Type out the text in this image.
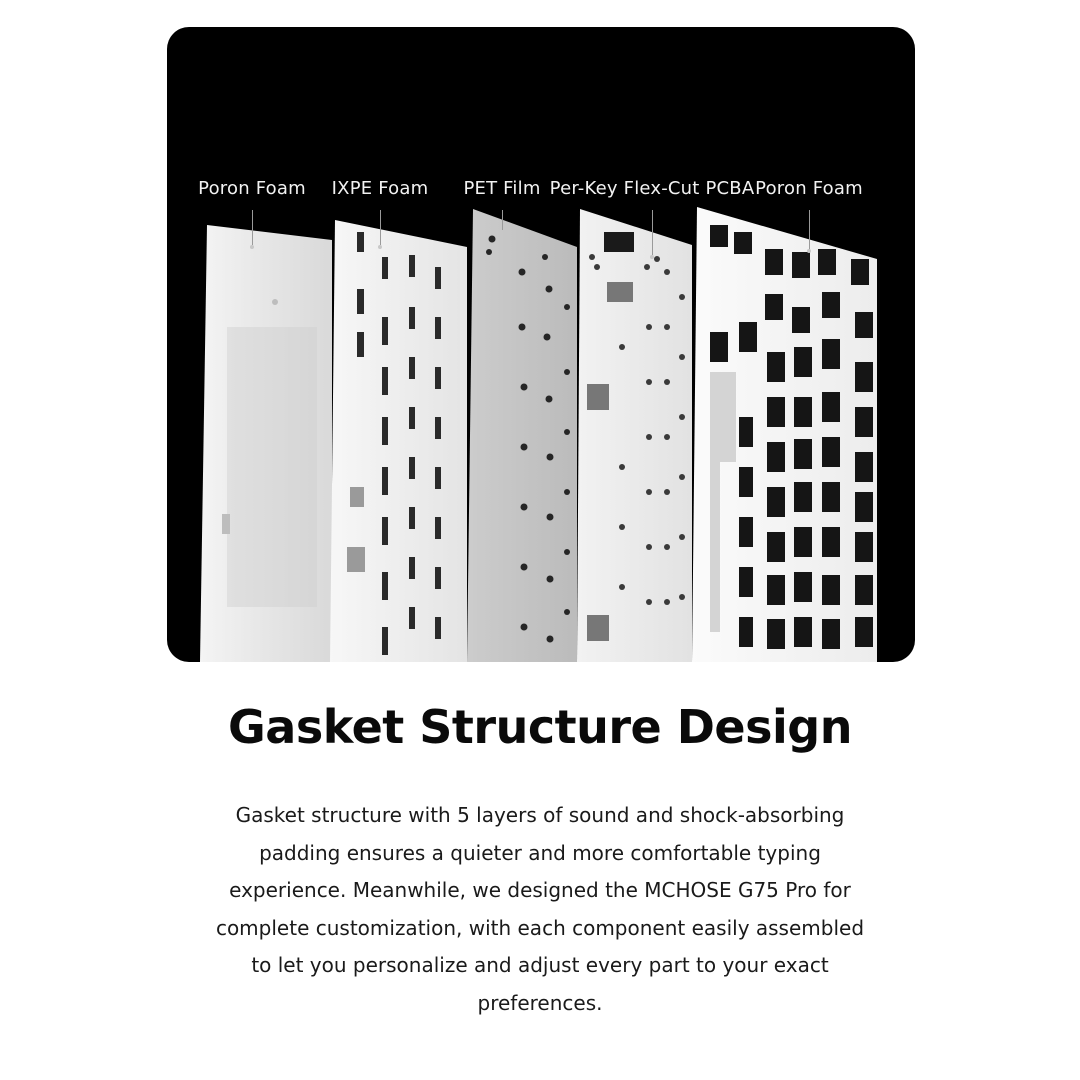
Poron Foam IXPE Foam PET Film Per-Key Flex-Cut PCBA Poron Foam
Gasket Structure Design

Gasket structure with 5 layers of sound and shock-absorbing padding ensures a quieter and more comfortable typing experience. Meanwhile, we designed the MCHOSE G75 Pro for complete customization, with each component easily assembled to let you personalize and adjust every part to your exact preferences.
